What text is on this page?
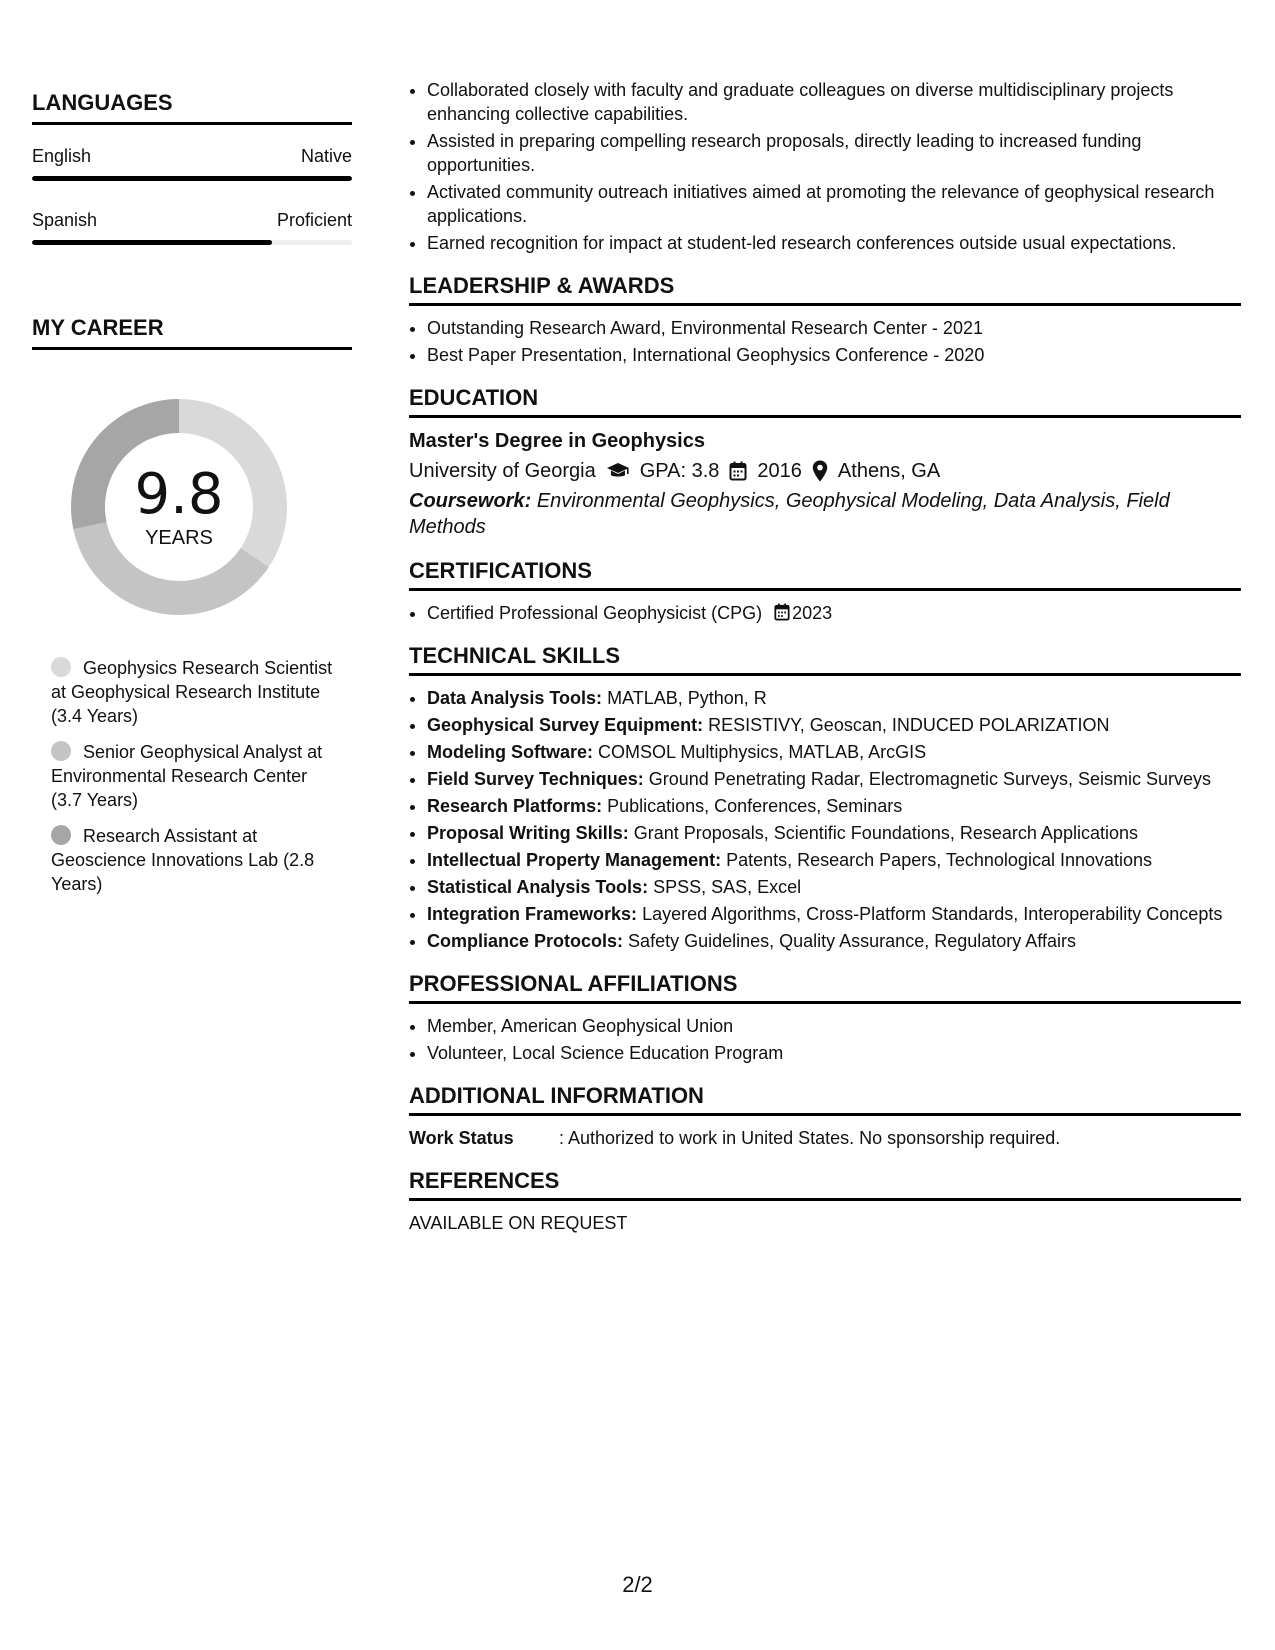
LANGUAGES
English	Native
Spanish	Proficient
MY CAREER
9.8
YEARS
Geophysics Research Scientist at Geophysical Research Institute (3.4 Years)
Senior Geophysical Analyst at Environmental Research Center (3.7 Years)
Research Assistant at Geoscience Innovations Lab (2.8 Years)
• Collaborated closely with faculty and graduate colleagues on diverse multidisciplinary projects enhancing collective capabilities.
• Assisted in preparing compelling research proposals, directly leading to increased funding opportunities.
• Activated community outreach initiatives aimed at promoting the relevance of geophysical research applications.
• Earned recognition for impact at student-led research conferences outside usual expectations.
LEADERSHIP & AWARDS
• Outstanding Research Award, Environmental Research Center - 2021
• Best Paper Presentation, International Geophysics Conference - 2020
EDUCATION
Master's Degree in Geophysics
University of Georgia GPA: 3.8 2016 Athens, GA
Coursework: Environmental Geophysics, Geophysical Modeling, Data Analysis, Field Methods
CERTIFICATIONS
• Certified Professional Geophysicist (CPG) 2023
TECHNICAL SKILLS
• Data Analysis Tools: MATLAB, Python, R
• Geophysical Survey Equipment: RESISTIVY, Geoscan, INDUCED POLARIZATION
• Modeling Software: COMSOL Multiphysics, MATLAB, ArcGIS
• Field Survey Techniques: Ground Penetrating Radar, Electromagnetic Surveys, Seismic Surveys
• Research Platforms: Publications, Conferences, Seminars
• Proposal Writing Skills: Grant Proposals, Scientific Foundations, Research Applications
• Intellectual Property Management: Patents, Research Papers, Technological Innovations
• Statistical Analysis Tools: SPSS, SAS, Excel
• Integration Frameworks: Layered Algorithms, Cross-Platform Standards, Interoperability Concepts
• Compliance Protocols: Safety Guidelines, Quality Assurance, Regulatory Affairs
PROFESSIONAL AFFILIATIONS
• Member, American Geophysical Union
• Volunteer, Local Science Education Program
ADDITIONAL INFORMATION
Work Status	: Authorized to work in United States. No sponsorship required.
REFERENCES
AVAILABLE ON REQUEST
2/2
